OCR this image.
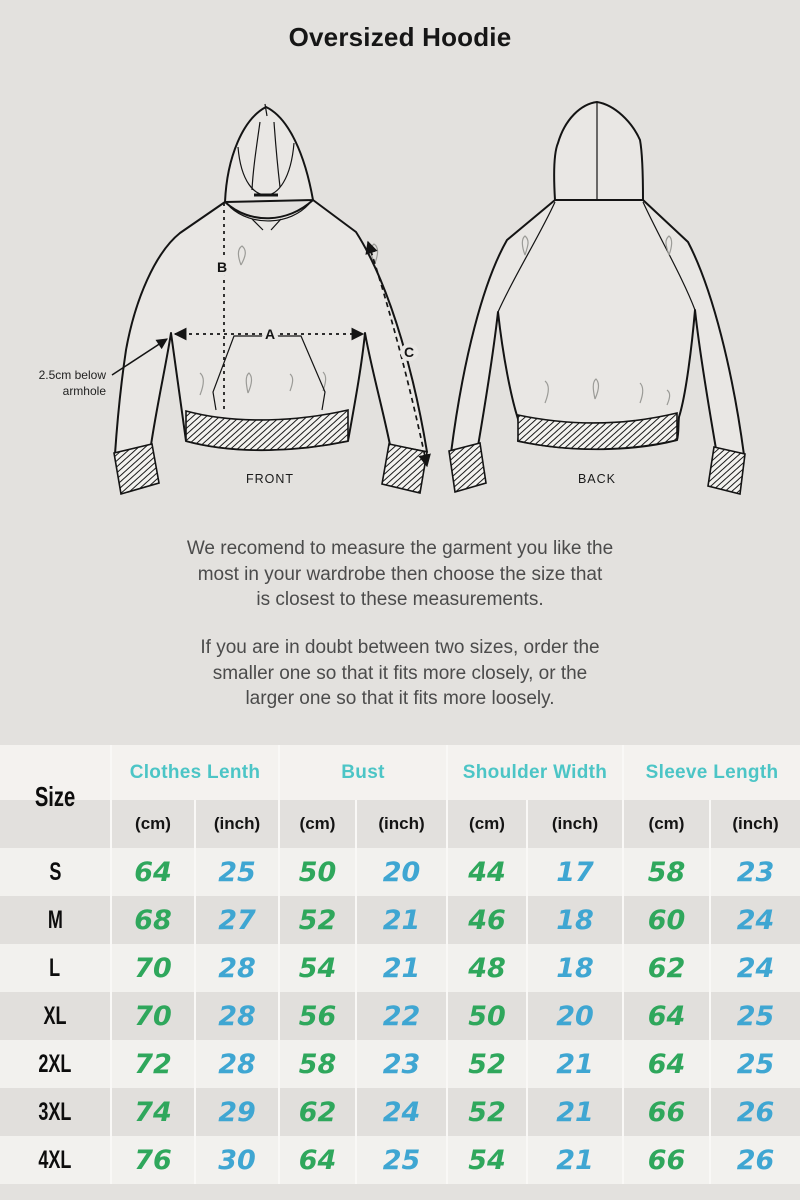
Oversized Hoodie
A
B
C
2.5cm below
armhole
FRONT	BACK
We recomend to measure the garment you like the
most in your wardrobe then choose the size that
is closest to these measurements.
If you are in doubt between two sizes, order the
smaller one so that it fits more closely, or the
larger one so that it fits more loosely.
Size
Clothes Lenth	Bust	Shoulder Width	Sleeve Length
(cm)	(inch)	(cm)	(inch)	(cm)	(inch)	(cm)	(inch)
S	64	25	50	20	44	17	58	23
M	68	27	52	21	46	18	60	24
L	70	28	54	21	48	18	62	24
XL	70	28	56	22	50	20	64	25
2XL	72	28	58	23	52	21	64	25
3XL	74	29	62	24	52	21	66	26
4XL	76	30	64	25	54	21	66	26
